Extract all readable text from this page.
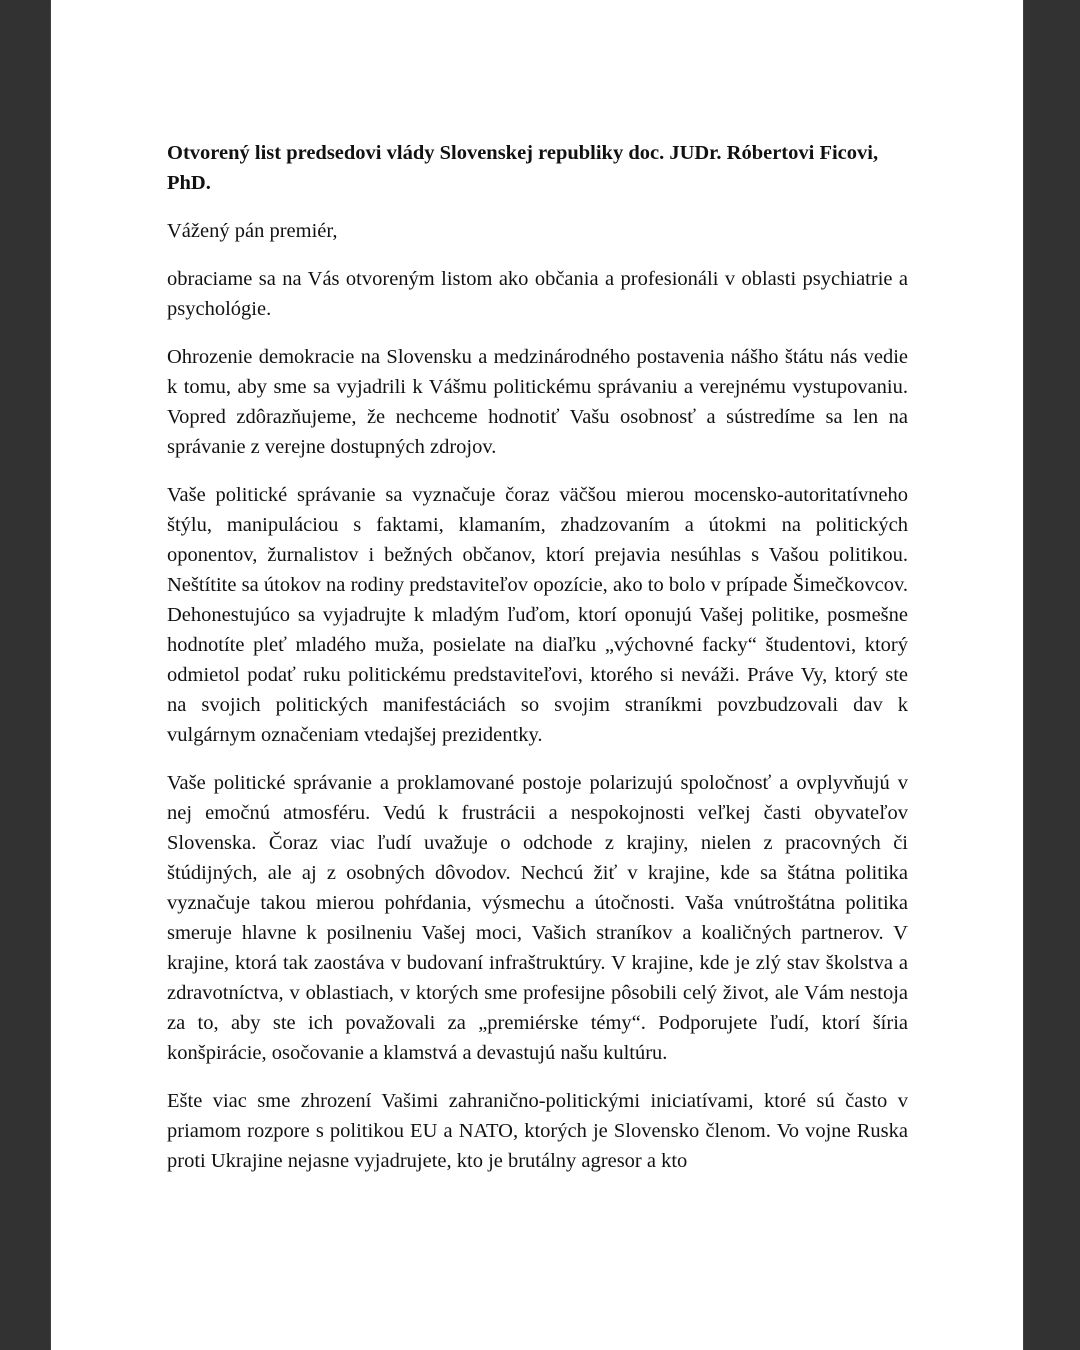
Otvorený list predsedovi vlády Slovenskej republiky doc. JUDr. Róbertovi Ficovi, PhD.
Vážený pán premiér,

obraciame sa na Vás otvoreným listom ako občania a profesionáli v oblasti psychiatrie a psychológie.

Ohrozenie demokracie na Slovensku a medzinárodného postavenia nášho štátu nás vedie k tomu, aby sme sa vyjadrili k Vášmu politickému správaniu a verejnému vystupovaniu. Vopred zdôrazňujeme, že nechceme hodnotiť Vašu osobnosť a sústredíme sa len na správanie z verejne dostupných zdrojov.

Vaše politické správanie sa vyznačuje čoraz väčšou mierou mocensko-autoritatívneho štýlu, manipuláciou s faktami, klamaním, zhadzovaním a útokmi na politických oponentov, žurnalistov i bežných občanov, ktorí prejavia nesúhlas s Vašou politikou. Neštítite sa útokov na rodiny predstaviteľov opozície, ako to bolo v prípade Šimečkovcov. Dehonestujúco sa vyjadrujte k mladým ľuďom, ktorí oponujú Vašej politike, posmešne hodnotíte pleť mladého muža, posielate na diaľku „výchovné facky“ študentovi, ktorý odmietol podať ruku politickému predstaviteľovi, ktorého si neváži. Práve Vy, ktorý ste na svojich politických manifestáciách so svojim straníkmi povzbudzovali dav k vulgárnym označeniam vtedajšej prezidentky.

Vaše politické správanie a proklamované postoje polarizujú spoločnosť a ovplyvňujú v nej emočnú atmosféru. Vedú k frustrácii a nespokojnosti veľkej časti obyvateľov Slovenska. Čoraz viac ľudí uvažuje o odchode z krajiny, nielen z pracovných či štúdijných, ale aj z osobných dôvodov. Nechcú žiť v krajine, kde sa štátna politika vyznačuje takou mierou pohŕdania, výsmechu a útočnosti. Vaša vnútroštátna politika smeruje hlavne k posilneniu Vašej moci, Vašich straníkov a koaličných partnerov. V krajine, ktorá tak zaostáva v budovaní infraštruktúry. V krajine, kde je zlý stav školstva a zdravotníctva, v oblastiach, v ktorých sme profesijne pôsobili celý život, ale Vám nestoja za to, aby ste ich považovali za „premiérske témy“. Podporujete ľudí, ktorí šíria konšpirácie, osočovanie a klamstvá a devastujú našu kultúru.

Ešte viac sme zhrození Vašimi zahranično-politickými iniciatívami, ktoré sú často v priamom rozpore s politikou EU a NATO, ktorých je Slovensko členom. Vo vojne Ruska proti Ukrajine nejasne vyjadrujete, kto je brutálny agresor a kto
